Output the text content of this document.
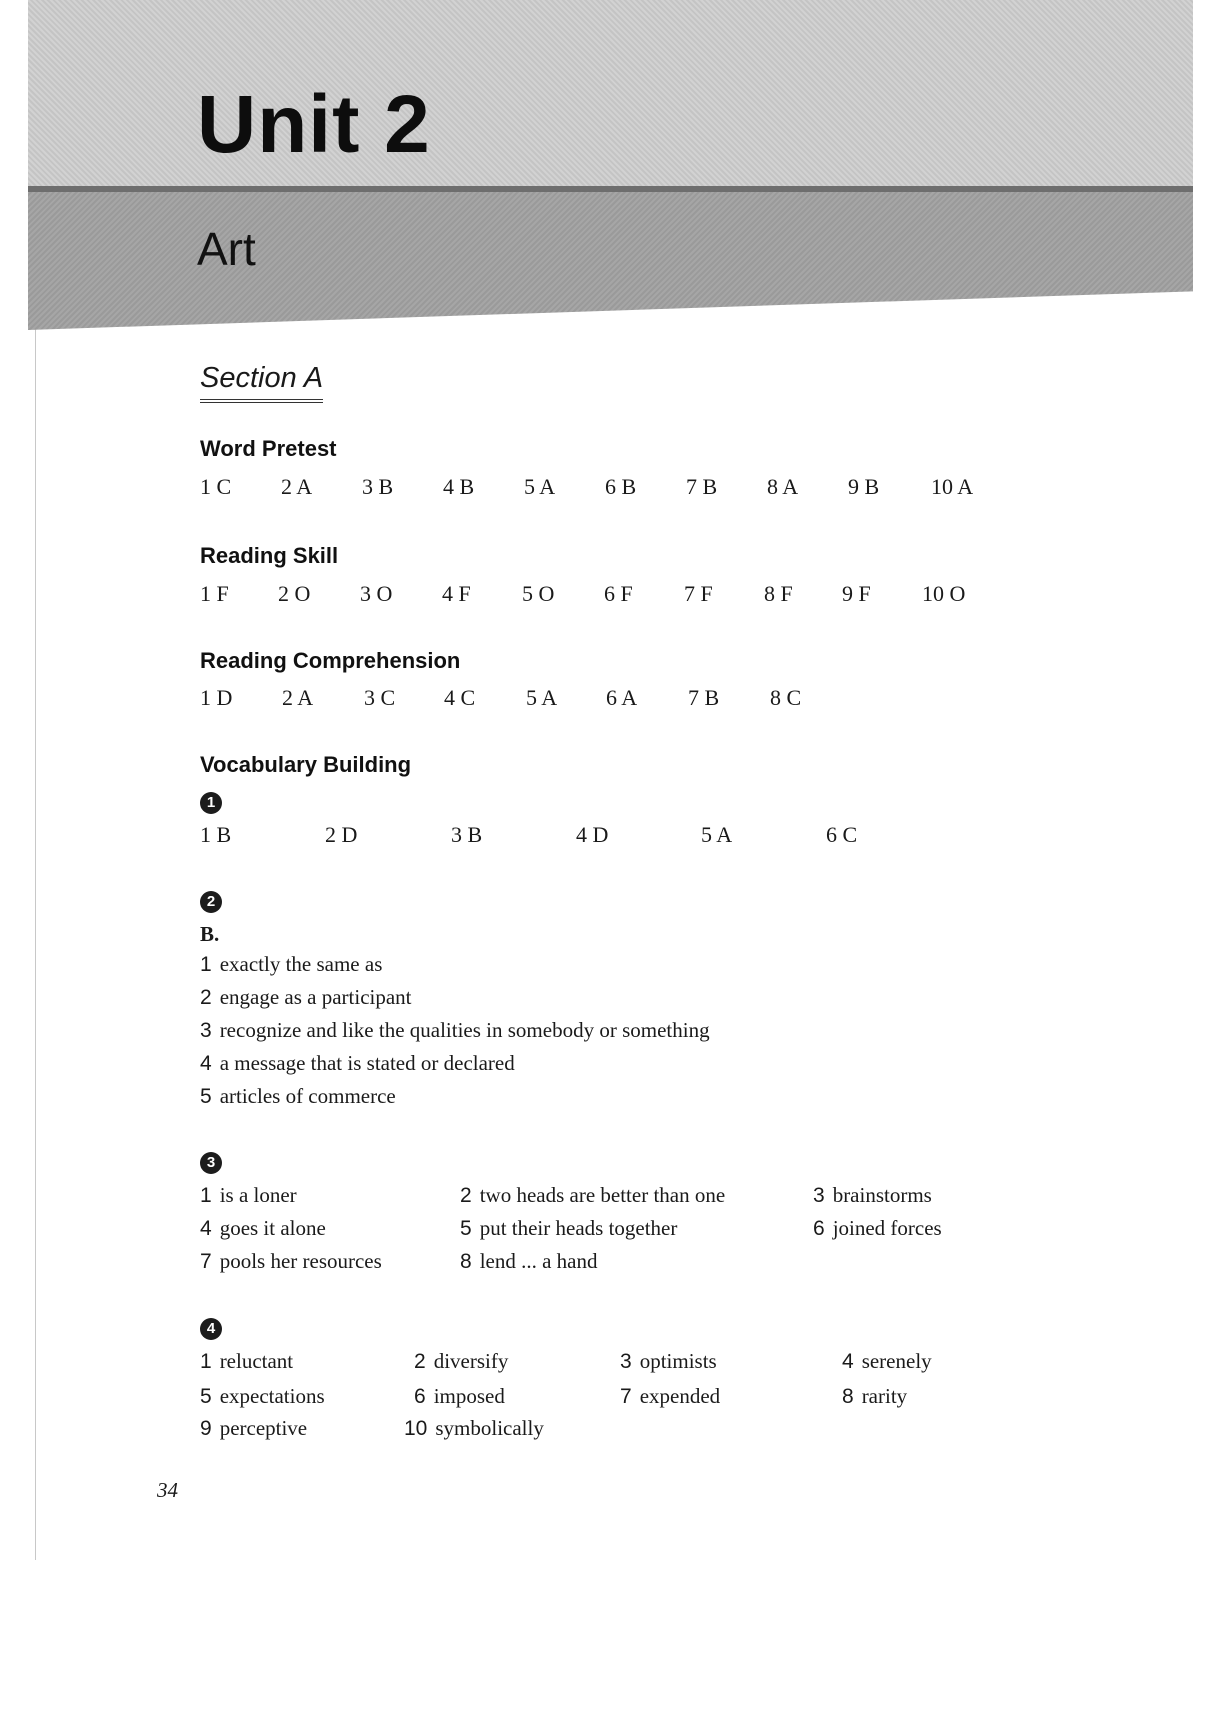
Unit 2
Art
Section A
Word Pretest
1 C 2 A 3 B 4 B 5 A 6 B 7 B 8 A 9 B 10 A
Reading Skill
1 F 2 O 3 O 4 F 5 O 6 F 7 F 8 F 9 F 10 O
Reading Comprehension
1 D 2 A 3 C 4 C 5 A 6 A 7 B 8 C
Vocabulary Building
1
1 B	2 D	3 B	4 D	5 A	6 C
2
B.
1 exactly the same as
2 engage as a participant
3 recognize and like the qualities in somebody or something
4 a message that is stated or declared
5 articles of commerce
3
1 is a loner	2 two heads are better than one	3 brainstorms
4 goes it alone	5 put their heads together	6 joined forces
7 pools her resources	8 lend ... a hand
4
1 reluctant	2 diversify	3 optimists	4 serenely
5 expectations	6 imposed	7 expended	8 rarity
9 perceptive	10 symbolically
34
